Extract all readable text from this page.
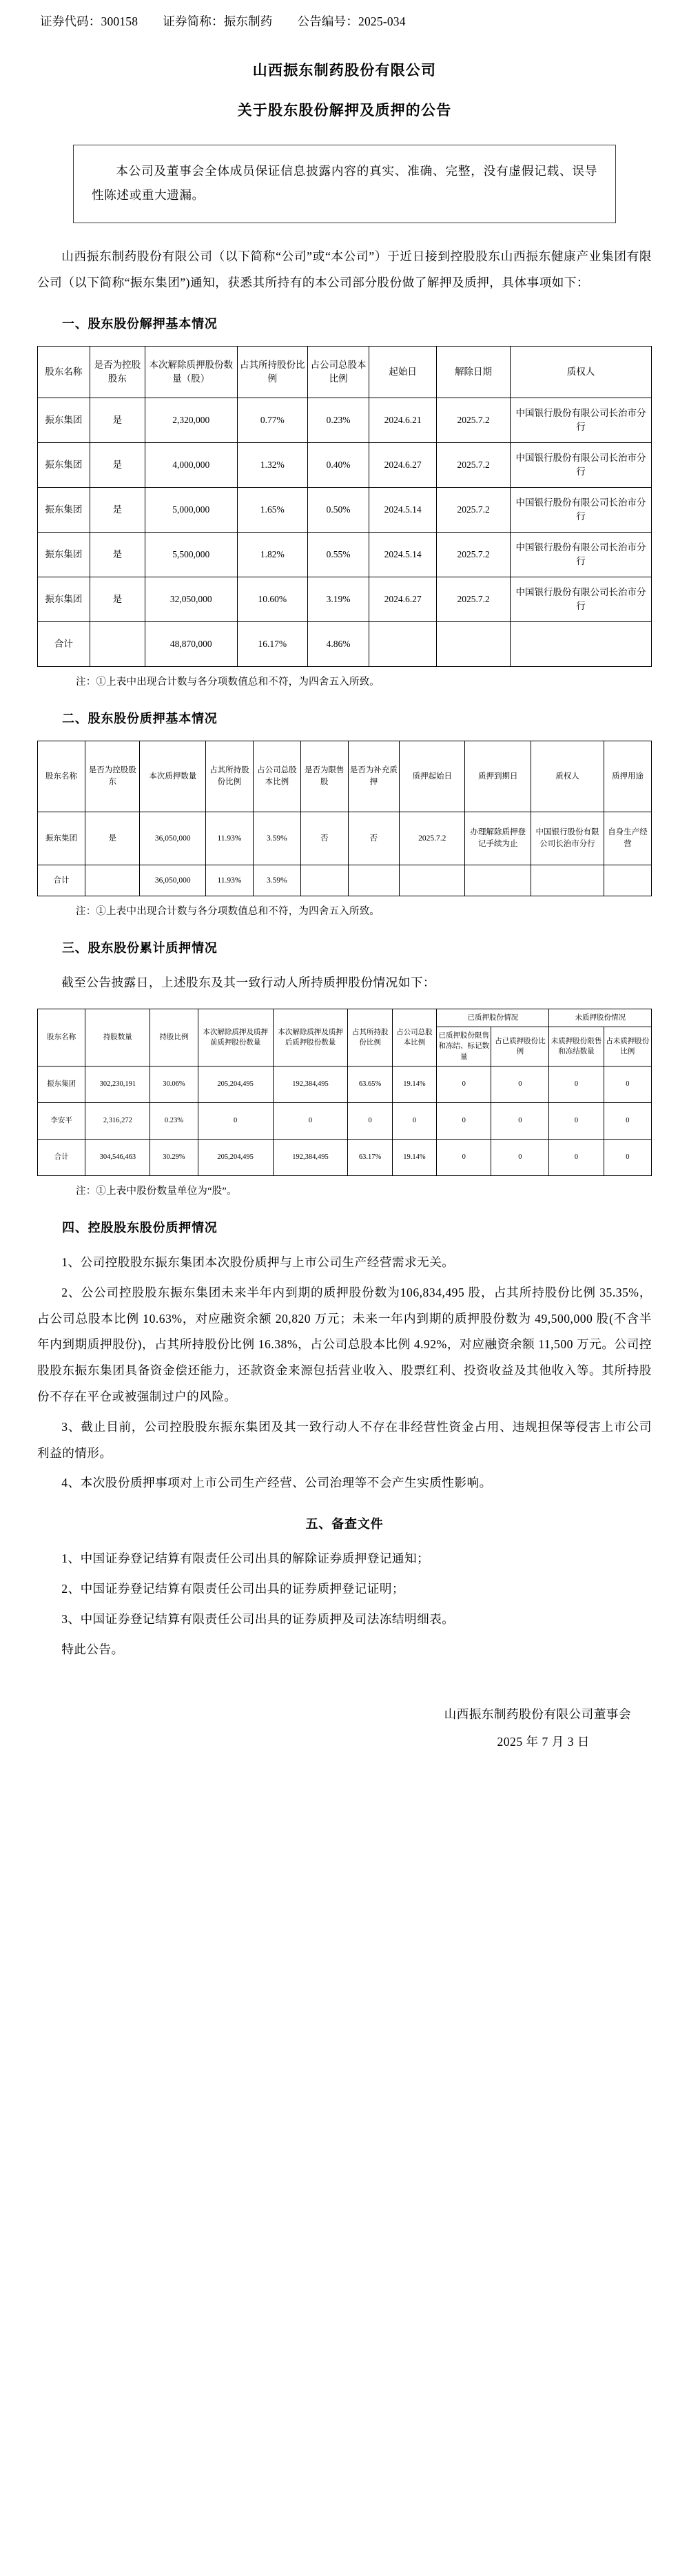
证券代码：300158 证券简称：振东制药 公告编号：2025-034
山西振东制药股份有限公司
关于股东股份解押及质押的公告

本公司及董事会全体成员保证信息披露内容的真实、准确、完整，没有虚假记载、误导性陈述或重大遗漏。

山西振东制药股份有限公司（以下简称“公司”或“本公司”）于近日接到控股股东山西振东健康产业集团有限公司（以下简称“振东集团”)通知，获悉其所持有的本公司部分股份做了解押及质押，具体事项如下：

一、股东股份解押基本情况
股东名称	是否为控股股东	本次解除质押股份数量（股）	占其所持股份比例	占公司总股本比例	起始日	解除日期	质权人
振东集团	是	2,320,000	0.77%	0.23%	2024.6.21	2025.7.2	中国银行股份有限公司长治市分行
振东集团	是	4,000,000	1.32%	0.40%	2024.6.27	2025.7.2	中国银行股份有限公司长治市分行
振东集团	是	5,000,000	1.65%	0.50%	2024.5.14	2025.7.2	中国银行股份有限公司长治市分行
振东集团	是	5,500,000	1.82%	0.55%	2024.5.14	2025.7.2	中国银行股份有限公司长治市分行
振东集团	是	32,050,000	10.60%	3.19%	2024.6.27	2025.7.2	中国银行股份有限公司长治市分行
合计		48,870,000	16.17%	4.86%			
注：①上表中出现合计数与各分项数值总和不符，为四舍五入所致。
二、股东股份质押基本情况
股东名称	是否为控股股东	本次质押数量	占其所持股份比例	占公司总股本比例	是否为限售股	是否为补充质押	质押起始日	质押到期日	质权人	质押用途
振东集团	是	36,050,000	11.93%	3.59%	否	否	2025.7.2	办理解除质押登记手续为止	中国银行股份有限公司长治市分行	自身生产经营
合计		36,050,000	11.93%	3.59%						
注：①上表中出现合计数与各分项数值总和不符，为四舍五入所致。
三、股东股份累计质押情况

截至公告披露日，上述股东及其一致行动人所持质押股份情况如下：

股东名称	持股数量	持股比例	本次解除质押及质押前质押股份数量	本次解除质押及质押后质押股份数量	占其所持股份比例	占公司总股本比例	已质押股份情况		未质押股份情况	
							已质押股份限售和冻结、标记数量	占已质押股份比例	未质押股份限售和冻结数量	占未质押股份比例
振东集团	302,230,191	30.06%	205,204,495	192,384,495	63.65%	19.14%	0	0	0	0
李安平	2,316,272	0.23%	0	0	0	0	0	0	0	0
合计	304,546,463	30.29%	205,204,495	192,384,495	63.17%	19.14%	0	0	0	0
注：①上表中股份数量单位为“股”。
四、控股股东股份质押情况

1、公司控股股东振东集团本次股份质押与上市公司生产经营需求无关。

2、公公司控股股东振东集团未来半年内到期的质押股份数为106,834,495 股，占其所持股份比例 35.35%，占公司总股本比例 10.63%，对应融资余额 20,820 万元；未来一年内到期的质押股份数为 49,500,000 股(不含半年内到期质押股份)，占其所持股份比例 16.38%，占公司总股本比例 4.92%，对应融资余额 11,500 万元。公司控股股东振东集团具备资金偿还能力，还款资金来源包括营业收入、股票红利、投资收益及其他收入等。其所持股份不存在平仓或被强制过户的风险。

3、截止目前，公司控股股东振东集团及其一致行动人不存在非经营性资金占用、违规担保等侵害上市公司利益的情形。

4、本次股份质押事项对上市公司生产经营、公司治理等不会产生实质性影响。

五、备查文件

1、中国证券登记结算有限责任公司出具的解除证券质押登记通知；

2、中国证券登记结算有限责任公司出具的证券质押登记证明；

3、中国证券登记结算有限责任公司出具的证券质押及司法冻结明细表。

特此公告。

山西振东制药股份有限公司董事会
2025 年 7 月 3 日
